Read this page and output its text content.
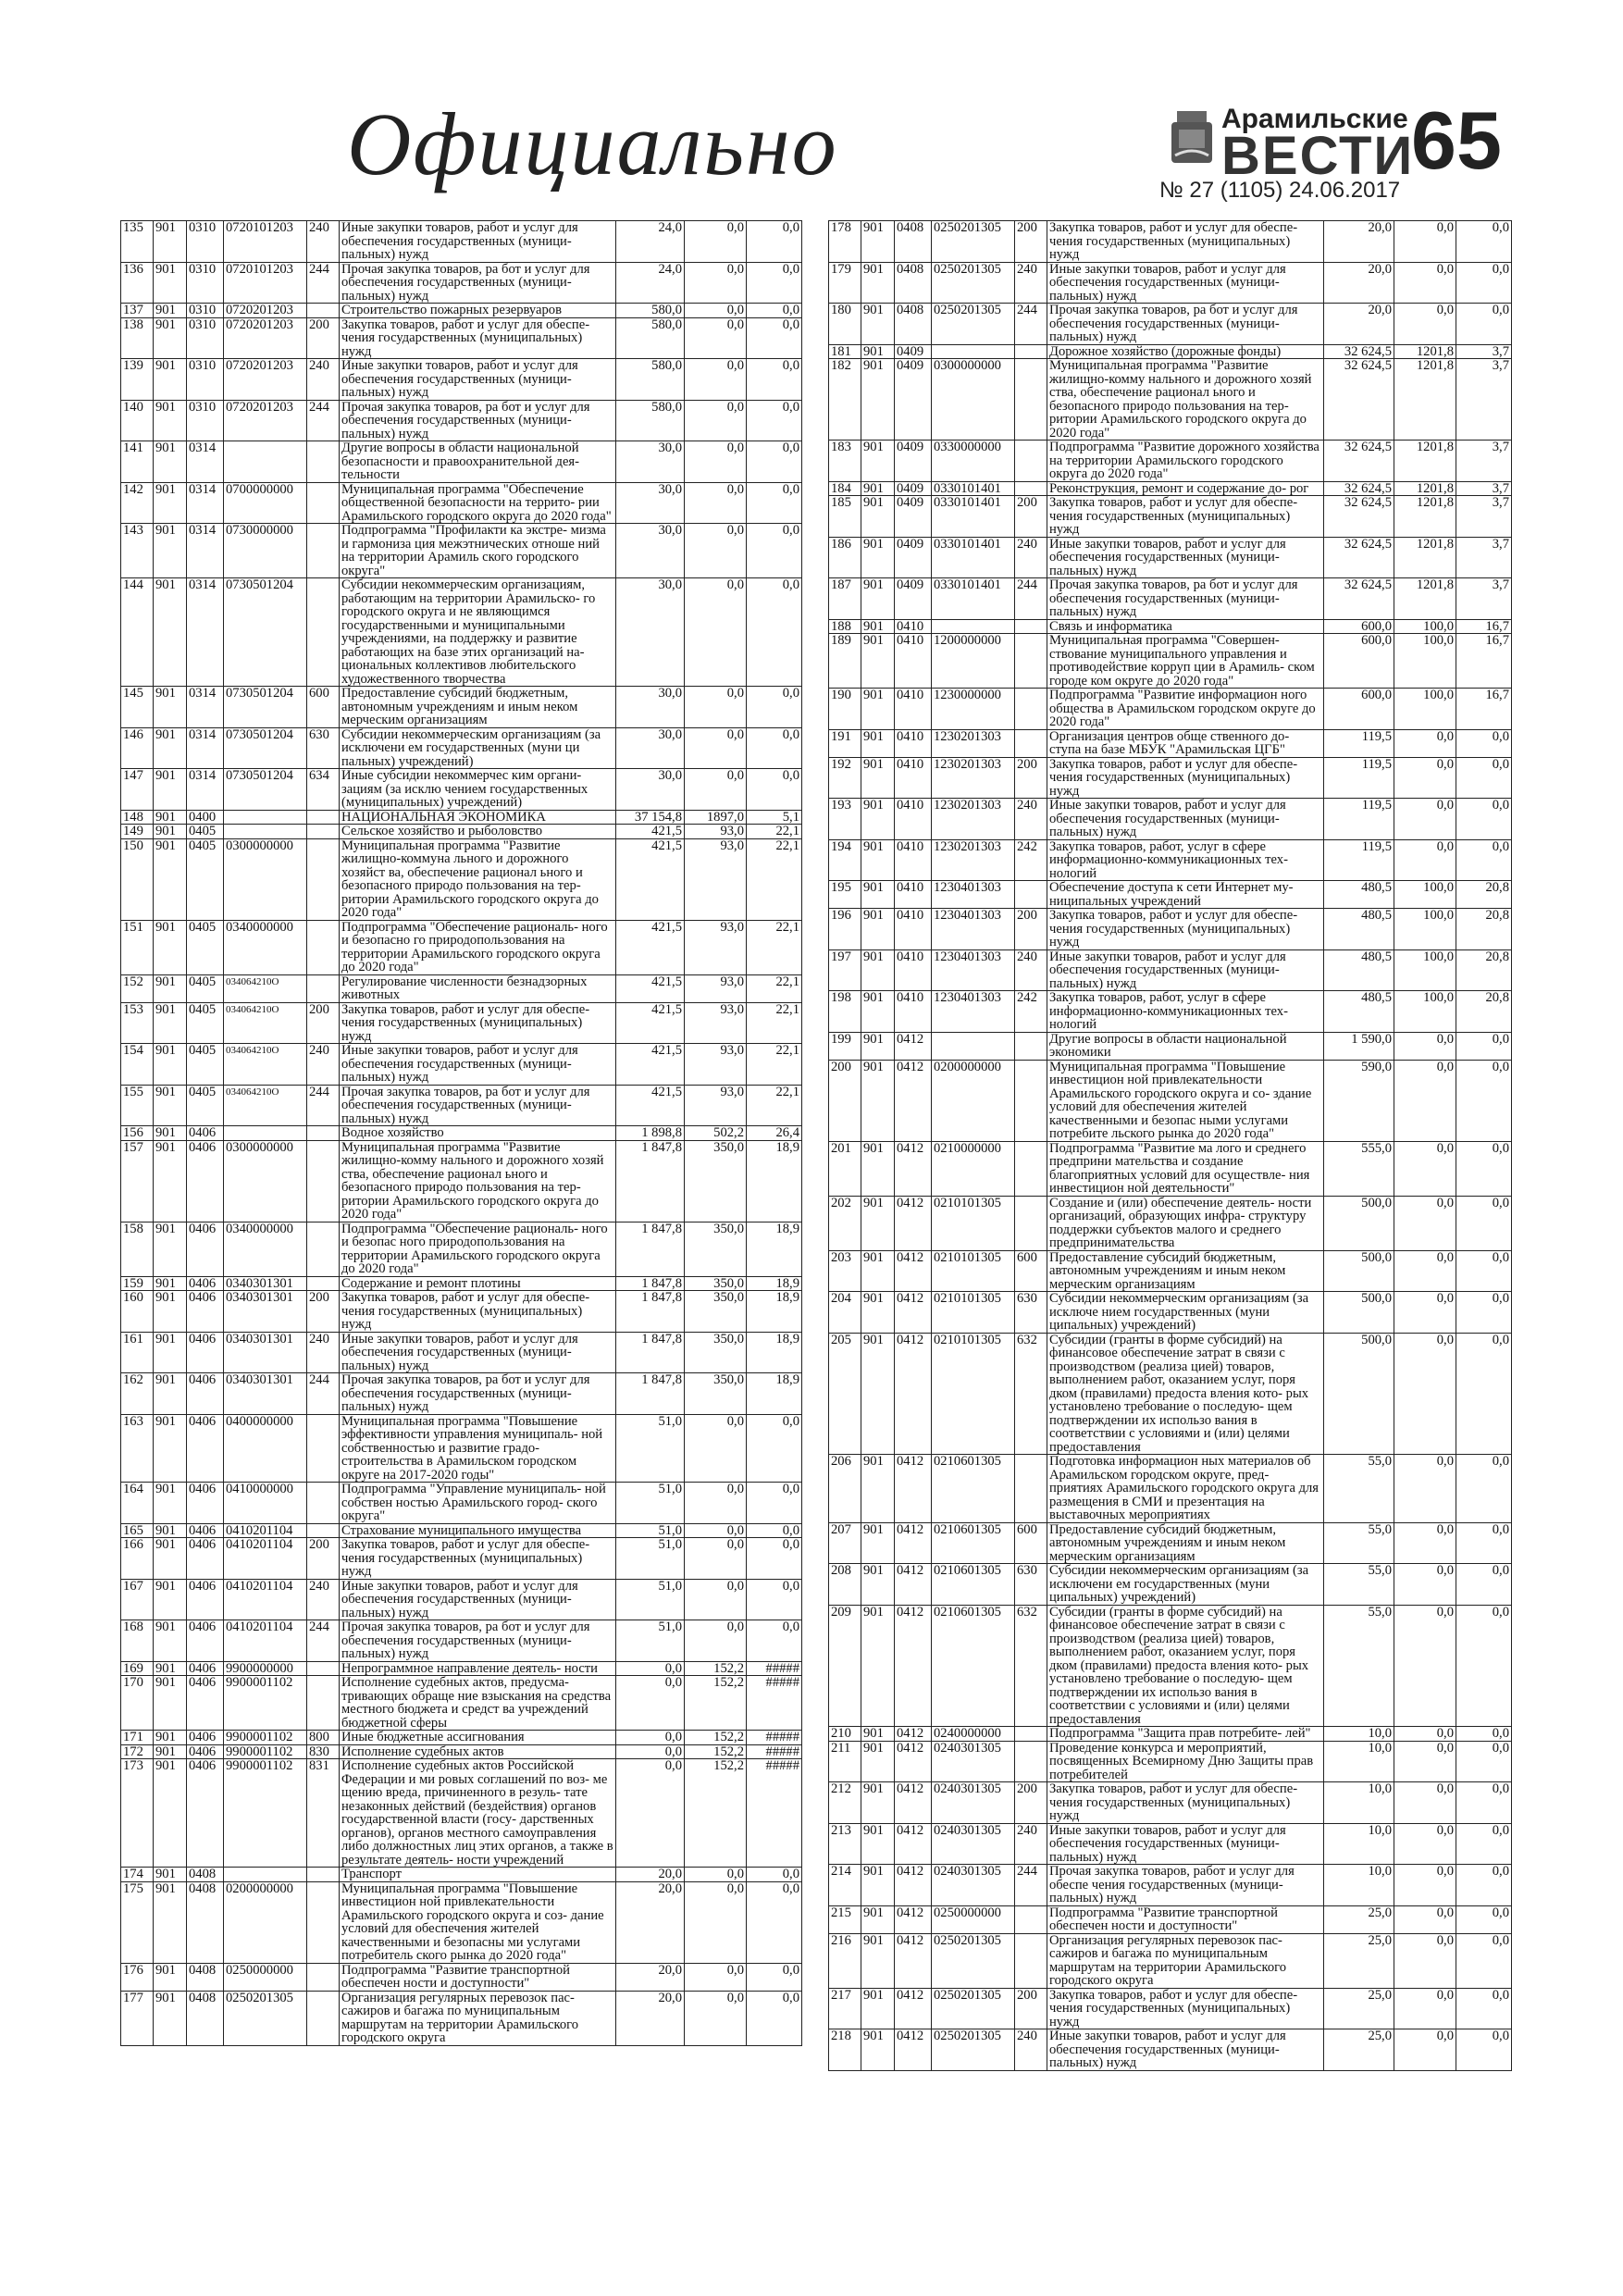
Официально	Арамильские
ВЕСТИ
65
№ 27 (1105) 24.06.2017
135	901	0310	0720101203	240	Иные закупки товаров, работ и услуг для обеспечения государственных (муници- пальных) нужд	24,0	0,0	0,0
136	901	0310	0720101203	244	Прочая закупка товаров, ра бот и услуг для обеспечения государственных (муници- пальных) нужд	24,0	0,0	0,0
137	901	0310	0720201203		Строительство пожарных резервуаров	580,0	0,0	0,0
138	901	0310	0720201203	200	Закупка товаров, работ и услуг для обеспе- чения государственных (муниципальных) нужд	580,0	0,0	0,0
139	901	0310	0720201203	240	Иные закупки товаров, работ и услуг для обеспечения государственных (муници- пальных) нужд	580,0	0,0	0,0
140	901	0310	0720201203	244	Прочая закупка товаров, ра бот и услуг для обеспечения государственных (муници- пальных) нужд	580,0	0,0	0,0
141	901	0314			Другие вопросы в области национальной безопасности и правоохранительной дея- тельности	30,0	0,0	0,0
142	901	0314	0700000000		Муниципальная программа "Обеспечение общественной безопасности на террито- рии Арамильского городского округа до 2020 года"	30,0	0,0	0,0
143	901	0314	0730000000		Подпрограмма "Профилакти ка экстре- мизма и гармониза ция межэтнических отноше ний на территории Арамиль ского городского округа"	30,0	0,0	0,0
144	901	0314	0730501204		Субсидии некоммерческим организациям, работающим на территории Арамильско- го городского округа и не являющимся государственными и муниципальными учреждениями, на поддержку и развитие работающих на базе этих организаций на- циональных коллективов любительского художественного творчества	30,0	0,0	0,0
145	901	0314	0730501204	600	Предоставление субсидий бюджетным, автономным учреждениям и иным неком мерческим организациям	30,0	0,0	0,0
146	901	0314	0730501204	630	Субсидии некоммерческим организациям (за исключени ем государственных (муни ци пальных) учреждений)	30,0	0,0	0,0
147	901	0314	0730501204	634	Иные субсидии некоммерчес ким органи- зациям (за исклю чением государственных (муниципальных) учреждений)	30,0	0,0	0,0
148	901	0400			НАЦИОНАЛЬНАЯ ЭКОНОМИКА	37 154,8	1897,0	5,1
149	901	0405			Сельское хозяйство и рыболовство	421,5	93,0	22,1
150	901	0405	0300000000		Муниципальная программа "Развитие жилищно-коммуна льного и дорожного хозяйст ва, обеспечение рационал ьного и безопасного природо пользования на тер- ритории Арамильского городского округа до 2020 года"	421,5	93,0	22,1
151	901	0405	0340000000		Подпрограмма "Обеспечение рациональ- ного и безопасно го природопользования на территории Арамильского городского округа до 2020 года"	421,5	93,0	22,1
152	901	0405	034064210О		Регулирование численности безнадзорных животных	421,5	93,0	22,1
153	901	0405	034064210О	200	Закупка товаров, работ и услуг для обеспе- чения государственных (муниципальных) нужд	421,5	93,0	22,1
154	901	0405	034064210О	240	Иные закупки товаров, работ и услуг для обеспечения государственных (муници- пальных) нужд	421,5	93,0	22,1
155	901	0405	034064210О	244	Прочая закупка товаров, ра бот и услуг для обеспечения государственных (муници- пальных) нужд	421,5	93,0	22,1
156	901	0406			Водное хозяйство	1 898,8	502,2	26,4
157	901	0406	0300000000		Муниципальная программа "Развитие жилищно-комму нального и дорожного хозяй ства, обеспечение рационал ьного и безопасного природо пользования на тер- ритории Арамильского городского округа до 2020 года"	1 847,8	350,0	18,9
158	901	0406	0340000000		Подпрограмма "Обеспечение рациональ- ного и безопас ного природопользования на территории Арамильского городского округа до 2020 года"	1 847,8	350,0	18,9
159	901	0406	0340301301		Содержание и ремонт плотины	1 847,8	350,0	18,9
160	901	0406	0340301301	200	Закупка товаров, работ и услуг для обеспе- чения государственных (муниципальных) нужд	1 847,8	350,0	18,9
161	901	0406	0340301301	240	Иные закупки товаров, работ и услуг для обеспечения государственных (муници- пальных) нужд	1 847,8	350,0	18,9
162	901	0406	0340301301	244	Прочая закупка товаров, ра бот и услуг для обеспечения государственных (муници- пальных) нужд	1 847,8	350,0	18,9
163	901	0406	0400000000		Муниципальная программа "Повышение эффективности управления муниципаль- ной собственностью и развитие градо- строительства в Арамильском городском округе на 2017-2020 годы"	51,0	0,0	0,0
164	901	0406	0410000000		Подпрограмма "Управление муниципаль- ной собствен ностью Арамильского город- ского округа"	51,0	0,0	0,0
165	901	0406	0410201104		Страхование муниципального имущества	51,0	0,0	0,0
166	901	0406	0410201104	200	Закупка товаров, работ и услуг для обеспе- чения государственных (муниципальных) нужд	51,0	0,0	0,0
167	901	0406	0410201104	240	Иные закупки товаров, работ и услуг для обеспечения государственных (муници- пальных) нужд	51,0	0,0	0,0
168	901	0406	0410201104	244	Прочая закупка товаров, ра бот и услуг для обеспечения государственных (муници- пальных) нужд	51,0	0,0	0,0
169	901	0406	9900000000		Непрограммное направление деятель- ности	0,0	152,2	#####
170	901	0406	9900001102		Исполнение судебных актов, предусма- тривающих обраще ние взыскания на средства местного бюджета и средст ва учреждений бюджетной сферы	0,0	152,2	#####
171	901	0406	9900001102	800	Иные бюджетные ассигнования	0,0	152,2	#####
172	901	0406	9900001102	830	Исполнение судебных актов	0,0	152,2	#####
173	901	0406	9900001102	831	Исполнение судебных актов Российской Федерации и ми ровых соглашений по воз- ме щению вреда, причиненного в резуль- тате незаконных действий (бездействия) органов государственной власти (госу- дарственных органов), органов местного самоуправления либо должностных лиц этих органов, а также в результате деятель- ности учреждений	0,0	152,2	#####
174	901	0408			Транспорт	20,0	0,0	0,0
175	901	0408	0200000000		Муниципальная программа "Повышение инвестицион ной привлекательности Арамильского городского округа и соз- дание условий для обеспечения жителей качественными и безопасны ми услугами потребитель ского рынка до 2020 года"	20,0	0,0	0,0
176	901	0408	0250000000		Подпрограмма "Развитие транспортной обеспечен ности и доступности"	20,0	0,0	0,0
177	901	0408	0250201305		Организация регулярных перевозок пас- сажиров и багажа по муниципальным маршрутам на территории Арамильского городского округа	20,0	0,0	0,0
178	901	0408	0250201305	200	Закупка товаров, работ и услуг для обеспе- чения государственных (муниципальных) нужд	20,0	0,0	0,0
179	901	0408	0250201305	240	Иные закупки товаров, работ и услуг для обеспечения государственных (муници- пальных) нужд	20,0	0,0	0,0
180	901	0408	0250201305	244	Прочая закупка товаров, ра бот и услуг для обеспечения государственных (муници- пальных) нужд	20,0	0,0	0,0
181	901	0409			Дорожное хозяйство (дорожные фонды)	32 624,5	1201,8	3,7
182	901	0409	0300000000		Муниципальная программа "Развитие жилищно-комму нального и дорожного хозяй ства, обеспечение рационал ьного и безопасного природо пользования на тер- ритории Арамильского городского округа до 2020 года"	32 624,5	1201,8	3,7
183	901	0409	0330000000		Подпрограмма "Развитие дорожного хозяйства на территории Арамильского городского округа до 2020 года"	32 624,5	1201,8	3,7
184	901	0409	0330101401		Реконструкция, ремонт и содержание до- рог	32 624,5	1201,8	3,7
185	901	0409	0330101401	200	Закупка товаров, работ и услуг для обеспе- чения государственных (муниципальных) нужд	32 624,5	1201,8	3,7
186	901	0409	0330101401	240	Иные закупки товаров, работ и услуг для обеспечения государственных (муници- пальных) нужд	32 624,5	1201,8	3,7
187	901	0409	0330101401	244	Прочая закупка товаров, ра бот и услуг для обеспечения государственных (муници- пальных) нужд	32 624,5	1201,8	3,7
188	901	0410			Связь и информатика	600,0	100,0	16,7
189	901	0410	1200000000		Муниципальная программа "Совершен- ствование муниципального управления и противодействие корруп ции в Арамиль- ском городе ком округе до 2020 года"	600,0	100,0	16,7
190	901	0410	1230000000		Подпрограмма "Развитие информацион ного общества в Арамильском городском округе до 2020 года"	600,0	100,0	16,7
191	901	0410	1230201303		Организация центров обще ственного до- ступа на базе МБУК "Арамильская ЦГБ"	119,5	0,0	0,0
192	901	0410	1230201303	200	Закупка товаров, работ и услуг для обеспе- чения государственных (муниципальных) нужд	119,5	0,0	0,0
193	901	0410	1230201303	240	Иные закупки товаров, работ и услуг для обеспечения государственных (муници- пальных) нужд	119,5	0,0	0,0
194	901	0410	1230201303	242	Закупка товаров, работ, услуг в сфере информационно-коммуникационных тех- нологий	119,5	0,0	0,0
195	901	0410	1230401303		Обеспечение доступа к сети Интернет му- ниципальных учреждений	480,5	100,0	20,8
196	901	0410	1230401303	200	Закупка товаров, работ и услуг для обеспе- чения государственных (муниципальных) нужд	480,5	100,0	20,8
197	901	0410	1230401303	240	Иные закупки товаров, работ и услуг для обеспечения государственных (муници- пальных) нужд	480,5	100,0	20,8
198	901	0410	1230401303	242	Закупка товаров, работ, услуг в сфере информационно-коммуникационных тех- нологий	480,5	100,0	20,8
199	901	0412			Другие вопросы в области национальной экономики	1 590,0	0,0	0,0
200	901	0412	0200000000		Муниципальная программа "Повышение инвестицион ной привлекательности Арамильского городского округа и со- здание условий для обеспечения жителей качественными и безопас ными услугами потребите льского рынка до 2020 года"	590,0	0,0	0,0
201	901	0412	0210000000		Подпрограмма "Развитие ма лого и среднего предприни мательства и создание благоприятных условий для осуществле- ния инвестицион ной деятельности"	555,0	0,0	0,0
202	901	0412	0210101305		Создание и (или) обеспечение деятель- ности организаций, образующих инфра- структуру поддержки субъектов малого и среднего предпринимательства	500,0	0,0	0,0
203	901	0412	0210101305	600	Предоставление субсидий бюджетным, автономным учреждениям и иным неком мерческим организациям	500,0	0,0	0,0
204	901	0412	0210101305	630	Субсидии некоммерческим организациям (за исключе нием государственных (муни ципальных) учреждений)	500,0	0,0	0,0
205	901	0412	0210101305	632	Субсидии (гранты в форме субсидий) на финансовое обеспечение затрат в связи с производством (реализа цией) товаров, выполнением работ, оказанием услуг, поря дком (правилами) предоста вления кото- рых установлено требование о последую- щем подтверждении их использо вания в соответствии с условиями и (или) целями предоставления	500,0	0,0	0,0
206	901	0412	0210601305		Подготовка информацион ных материалов об Арамильском городском округе, пред- приятиях Арамильского городского округа для размещения в СМИ и презентация на выставочных мероприятиях	55,0	0,0	0,0
207	901	0412	0210601305	600	Предоставление субсидий бюджетным, автономным учреждениям и иным неком мерческим организациям	55,0	0,0	0,0
208	901	0412	0210601305	630	Субсидии некоммерческим организациям (за исключени ем государственных (муни ципальных) учреждений)	55,0	0,0	0,0
209	901	0412	0210601305	632	Субсидии (гранты в форме субсидий) на финансовое обеспечение затрат в связи с производством (реализа цией) товаров, выполнением работ, оказанием услуг, поря дком (правилами) предоста вления кото- рых установлено требование о последую- щем подтверждении их использо вания в соответствии с условиями и (или) целями предоставления	55,0	0,0	0,0
210	901	0412	0240000000		Подпрограмма "Защита прав потребите- лей"	10,0	0,0	0,0
211	901	0412	0240301305		Проведение конкурса и мероприятий, посвященных Всемирному Дню Защиты прав потребителей	10,0	0,0	0,0
212	901	0412	0240301305	200	Закупка товаров, работ и услуг для обеспе- чения государственных (муниципальных) нужд	10,0	0,0	0,0
213	901	0412	0240301305	240	Иные закупки товаров, работ и услуг для обеспечения государственных (муници- пальных) нужд	10,0	0,0	0,0
214	901	0412	0240301305	244	Прочая закупка товаров, работ и услуг для обеспе чения государственных (муници- пальных) нужд	10,0	0,0	0,0
215	901	0412	0250000000		Подпрограмма "Развитие транспортной обеспечен ности и доступности"	25,0	0,0	0,0
216	901	0412	0250201305		Организация регулярных перевозок пас- сажиров и багажа по муниципальным маршрутам на территории Арамильского городского округа	25,0	0,0	0,0
217	901	0412	0250201305	200	Закупка товаров, работ и услуг для обеспе- чения государственных (муниципальных) нужд	25,0	0,0	0,0
218	901	0412	0250201305	240	Иные закупки товаров, работ и услуг для обеспечения государственных (муници- пальных) нужд	25,0	0,0	0,0
